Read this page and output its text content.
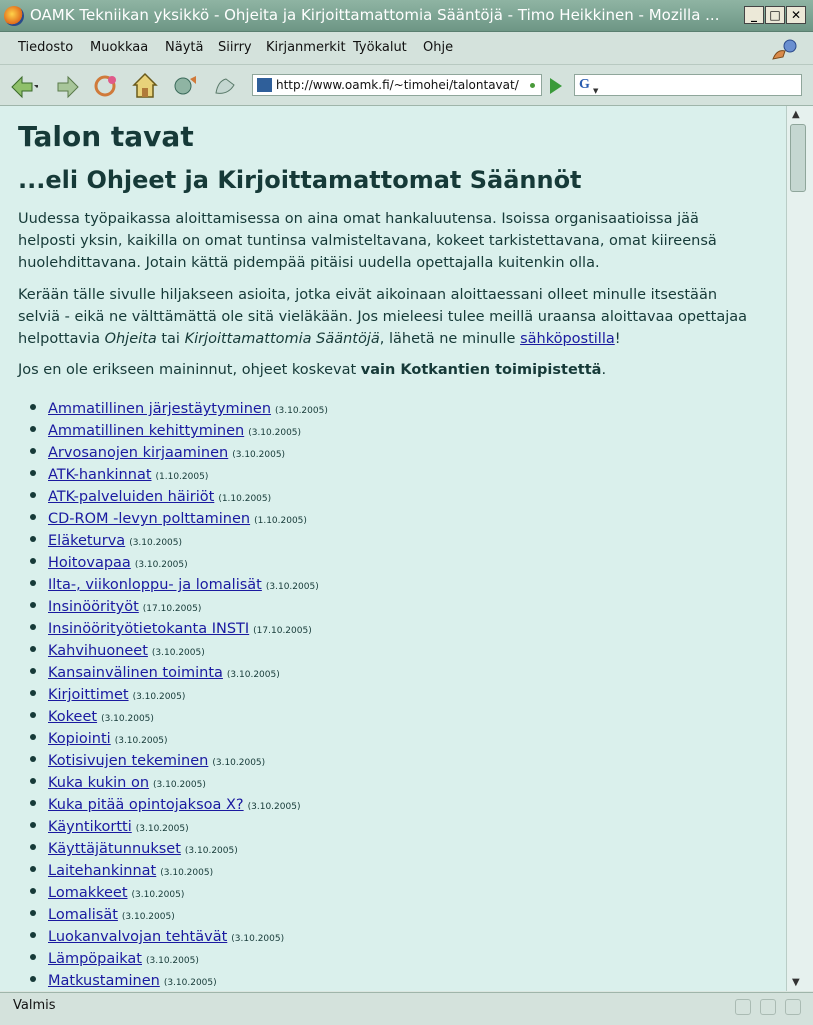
OAMK Tekniikan yksikkö - Ohjeita ja Kirjoittamattomia Sääntöjä - Timo Heikkinen - Mozilla ...	_	□ ✕
Tiedosto Muokkaa Näytä Siirry Kirjanmerkit Työkalut Ohje
http://www.oamk.fi/~timohei/talontavat/	G ▼
Talon tavat
...eli Ohjeet ja Kirjoittamattomat Säännöt

Uudessa työpaikassa aloittamisessa on aina omat hankaluutensa. Isoissa organisaatioissa jää helposti yksin, kaikilla on omat tuntinsa valmisteltavana, kokeet tarkistettavana, omat kiireensä huolehdittavana. Jotain kättä pidempää pitäisi uudella opettajalla kuitenkin olla.

Kerään tälle sivulle hiljakseen asioita, jotka eivät aikoinaan aloittaessani olleet minulle itsestään selviä - eikä ne välttämättä ole sitä vieläkään. Jos mieleesi tulee meillä uraansa aloittavaa opettajaa helpottavia Ohjeita tai Kirjoittamattomia Sääntöjä, lähetä ne minulle sähköpostilla!

Jos en ole erikseen maininnut, ohjeet koskevat vain Kotkantien toimipistettä.

Ammatillinen järjestäytyminen (3.10.2005)
Ammatillinen kehittyminen (3.10.2005)
Arvosanojen kirjaaminen (3.10.2005)
ATK-hankinnat (1.10.2005)
ATK-palveluiden häiriöt (1.10.2005)
CD-ROM -levyn polttaminen (1.10.2005)
Eläketurva (3.10.2005)
Hoitovapaa (3.10.2005)
Ilta-, viikonloppu- ja lomalisät (3.10.2005)
Insinöörityöt (17.10.2005)
Insinöörityötietokanta INSTI (17.10.2005)
Kahvihuoneet (3.10.2005)
Kansainvälinen toiminta (3.10.2005)
Kirjoittimet (3.10.2005)
Kokeet (3.10.2005)
Kopiointi (3.10.2005)
Kotisivujen tekeminen (3.10.2005)
Kuka kukin on (3.10.2005)
Kuka pitää opintojaksoa X? (3.10.2005)
Käyntikortti (3.10.2005)
Käyttäjätunnukset (3.10.2005)
Laitehankinnat (3.10.2005)
Lomakkeet (3.10.2005)
Lomalisät (3.10.2005)
Luokanvalvojan tehtävät (3.10.2005)
Lämpöpaikat (3.10.2005)
Matkustaminen (3.10.2005)
▲
▼
Valmis
